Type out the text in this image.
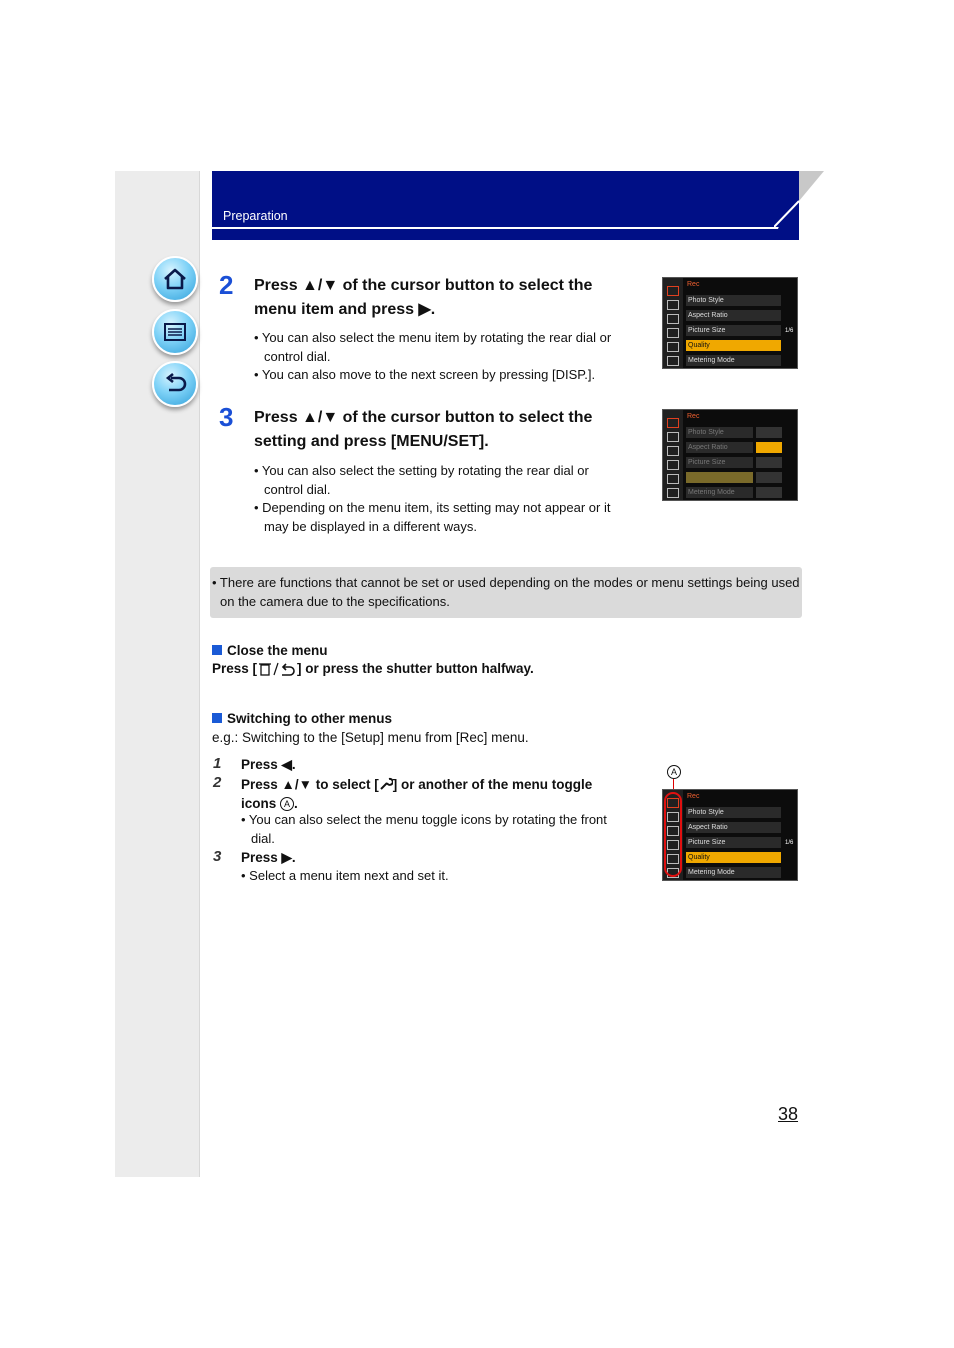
Preparation
2 Press ▲/▼ of the cursor button to select the
menu item and press ▶.
• You can also select the menu item by rotating the rear dial or
control dial.
• You can also move to the next screen by pressing [DISP.].
Rec
Photo Style
Aspect Ratio
Picture Size
Quality
Metering Mode
1/6
3 Press ▲/▼ of the cursor button to select the
setting and press [MENU/SET].
• You can also select the setting by rotating the rear dial or
control dial.
• Depending on the menu item, its setting may not appear or it
may be displayed in a different ways.
Rec
Photo Style
Aspect Ratio
Picture Size
Metering Mode
• There are functions that cannot be set or used depending on the modes or menu settings being used on the camera due to the specifications.
Close the menu
Press [	] or press the shutter button halfway.
Switching to other menus
e.g.: Switching to the [Setup] menu from [Rec] menu.
1 Press ◀.
2 Press ▲/▼ to select [ ] or another of the menu toggle
icons A .
• You can also select the menu toggle icons by rotating the front
dial.
3 Press ▶.
• Select a menu item next and set it.
A
Rec
Photo Style
Aspect Ratio
Picture Size
Quality
Metering Mode
1/6
38
